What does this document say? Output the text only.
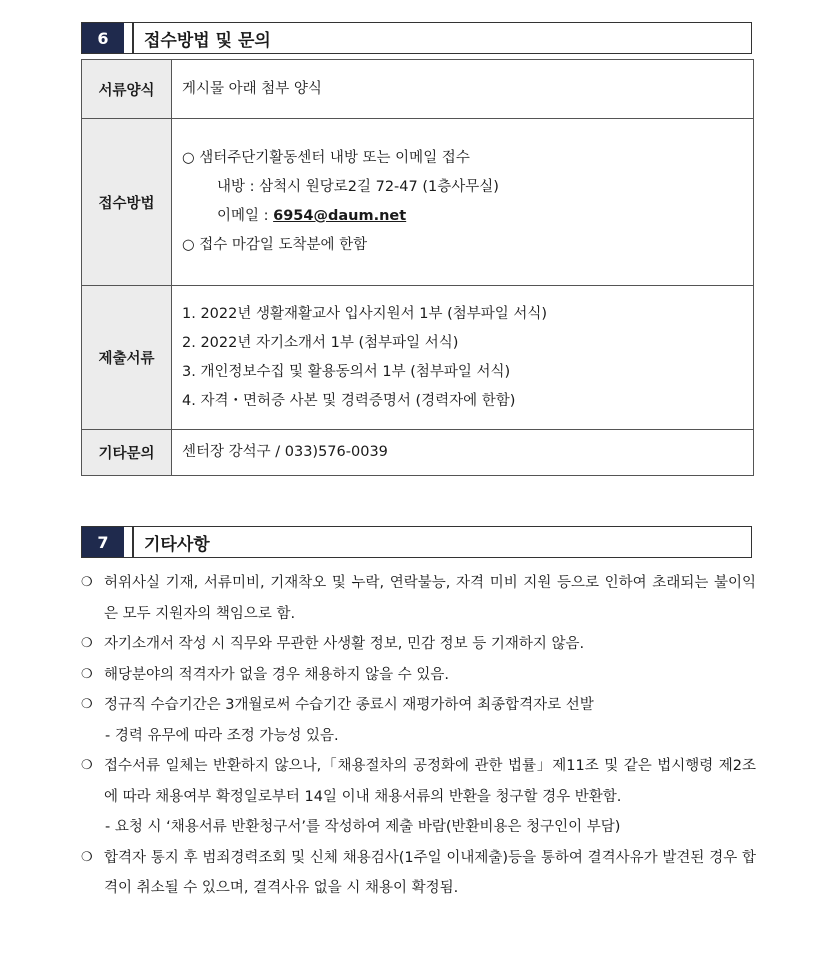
6	접수방법 및 문의
서류양식	게시물 아래 첨부 양식

접수방법	○ 샘터주단기활동센터 내방 또는 이메일 접수
내방 : 삼척시 원당로2길 72-47 (1층사무실)
이메일 : 6954@daum.net
○ 접수 마감일 도착분에 한함

제출서류	1. 2022년 생활재활교사 입사지원서 1부 (첨부파일 서식)
2. 2022년 자기소개서 1부 (첨부파일 서식)
3. 개인정보수집 및 활용동의서 1부 (첨부파일 서식)
4. 자격・면허증 사본 및 경력증명서 (경력자에 한함)

기타문의	센터장 강석구 / 033)576-0039
7	기타사항
❍ 허위사실 기재, 서류미비, 기재착오 및 누락, 연락불능, 자격 미비 지원 등으로 인하여 초래되는 불이익은 모두 지원자의 책임으로 함.
❍ 자기소개서 작성 시 직무와 무관한 사생활 정보, 민감 정보 등 기재하지 않음.
❍ 해당분야의 적격자가 없을 경우 채용하지 않을 수 있음.
❍ 정규직 수습기간은 3개월로써 수습기간 종료시 재평가하여 최종합격자로 선발
- 경력 유무에 따라 조정 가능성 있음.
❍ 접수서류 일체는 반환하지 않으나,「채용절차의 공정화에 관한 법률」제11조 및 같은 법시행령 제2조에 따라 채용여부 확정일로부터 14일 이내 채용서류의 반환을 청구할 경우 반환함.
- 요청 시 ‘채용서류 반환청구서’를 작성하여 제출 바람(반환비용은 청구인이 부담)
❍ 합격자 통지 후 범죄경력조회 및 신체 채용검사(1주일 이내제출)등을 통하여 결격사유가 발견된 경우 합격이 취소될 수 있으며, 결격사유 없을 시 채용이 확정됨.
